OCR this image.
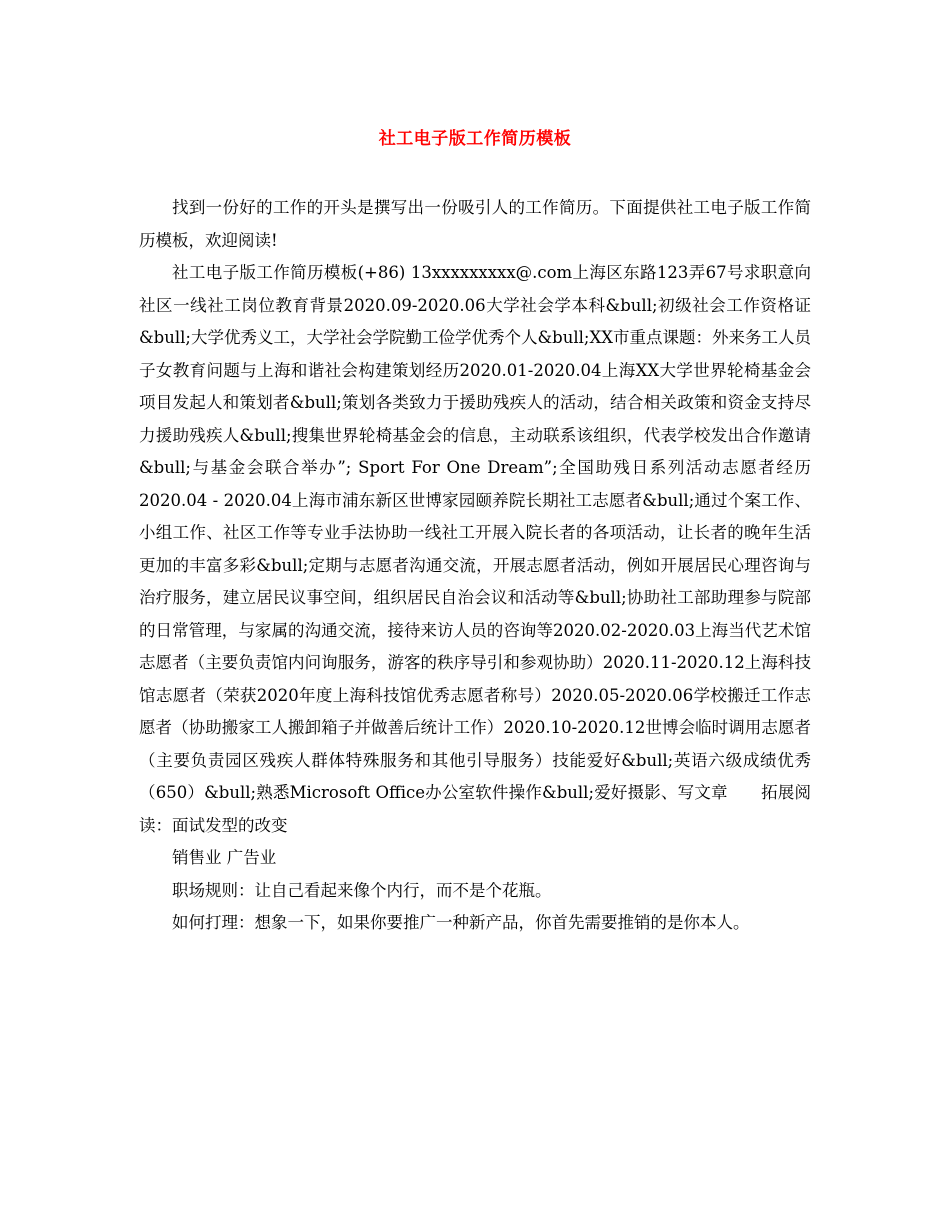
社工电子版工作简历模板

找到一份好的工作的开头是撰写出一份吸引人的工作简历。下面提供社工电子版工作简历模板，欢迎阅读!

社工电子版工作简历模板(+86) 13xxxxxxxxx@.com上海区东路123弄67号求职意向社区一线社工岗位教育背景2020.09-2020.06大学社会学本科&bull;初级社会工作资格证&bull;大学优秀义工，大学社会学院勤工俭学优秀个人&bull;XX市重点课题：外来务工人员子女教育问题与上海和谐社会构建策划经历2020.01-2020.04上海XX大学世界轮椅基金会项目发起人和策划者&bull;策划各类致力于援助残疾人的活动，结合相关政策和资金支持尽力援助残疾人&bull;搜集世界轮椅基金会的信息，主动联系该组织，代表学校发出合作邀请&bull;与基金会联合举办”; Sport For One Dream”;全国助残日系列活动志愿者经历2020.04 - 2020.04上海市浦东新区世博家园颐养院长期社工志愿者&bull;通过个案工作、小组工作、社区工作等专业手法协助一线社工开展入院长者的各项活动，让长者的晚年生活更加的丰富多彩&bull;定期与志愿者沟通交流，开展志愿者活动，例如开展居民心理咨询与治疗服务，建立居民议事空间，组织居民自治会议和活动等&bull;协助社工部助理参与院部的日常管理，与家属的沟通交流，接待来访人员的咨询等2020.02-2020.03上海当代艺术馆志愿者（主要负责馆内问询服务，游客的秩序导引和参观协助）2020.11-2020.12上海科技馆志愿者（荣获2020年度上海科技馆优秀志愿者称号）2020.05-2020.06学校搬迁工作志愿者（协助搬家工人搬卸箱子并做善后统计工作）2020.10-2020.12世博会临时调用志愿者（主要负责园区残疾人群体特殊服务和其他引导服务）技能爱好&bull;英语六级成绩优秀（650）&bull;熟悉Microsoft Office办公室软件操作&bull;爱好摄影、写文章　　拓展阅读：面试发型的改变

销售业 广告业

职场规则：让自己看起来像个内行，而不是个花瓶。

如何打理：想象一下，如果你要推广一种新产品，你首先需要推销的是你本人。
